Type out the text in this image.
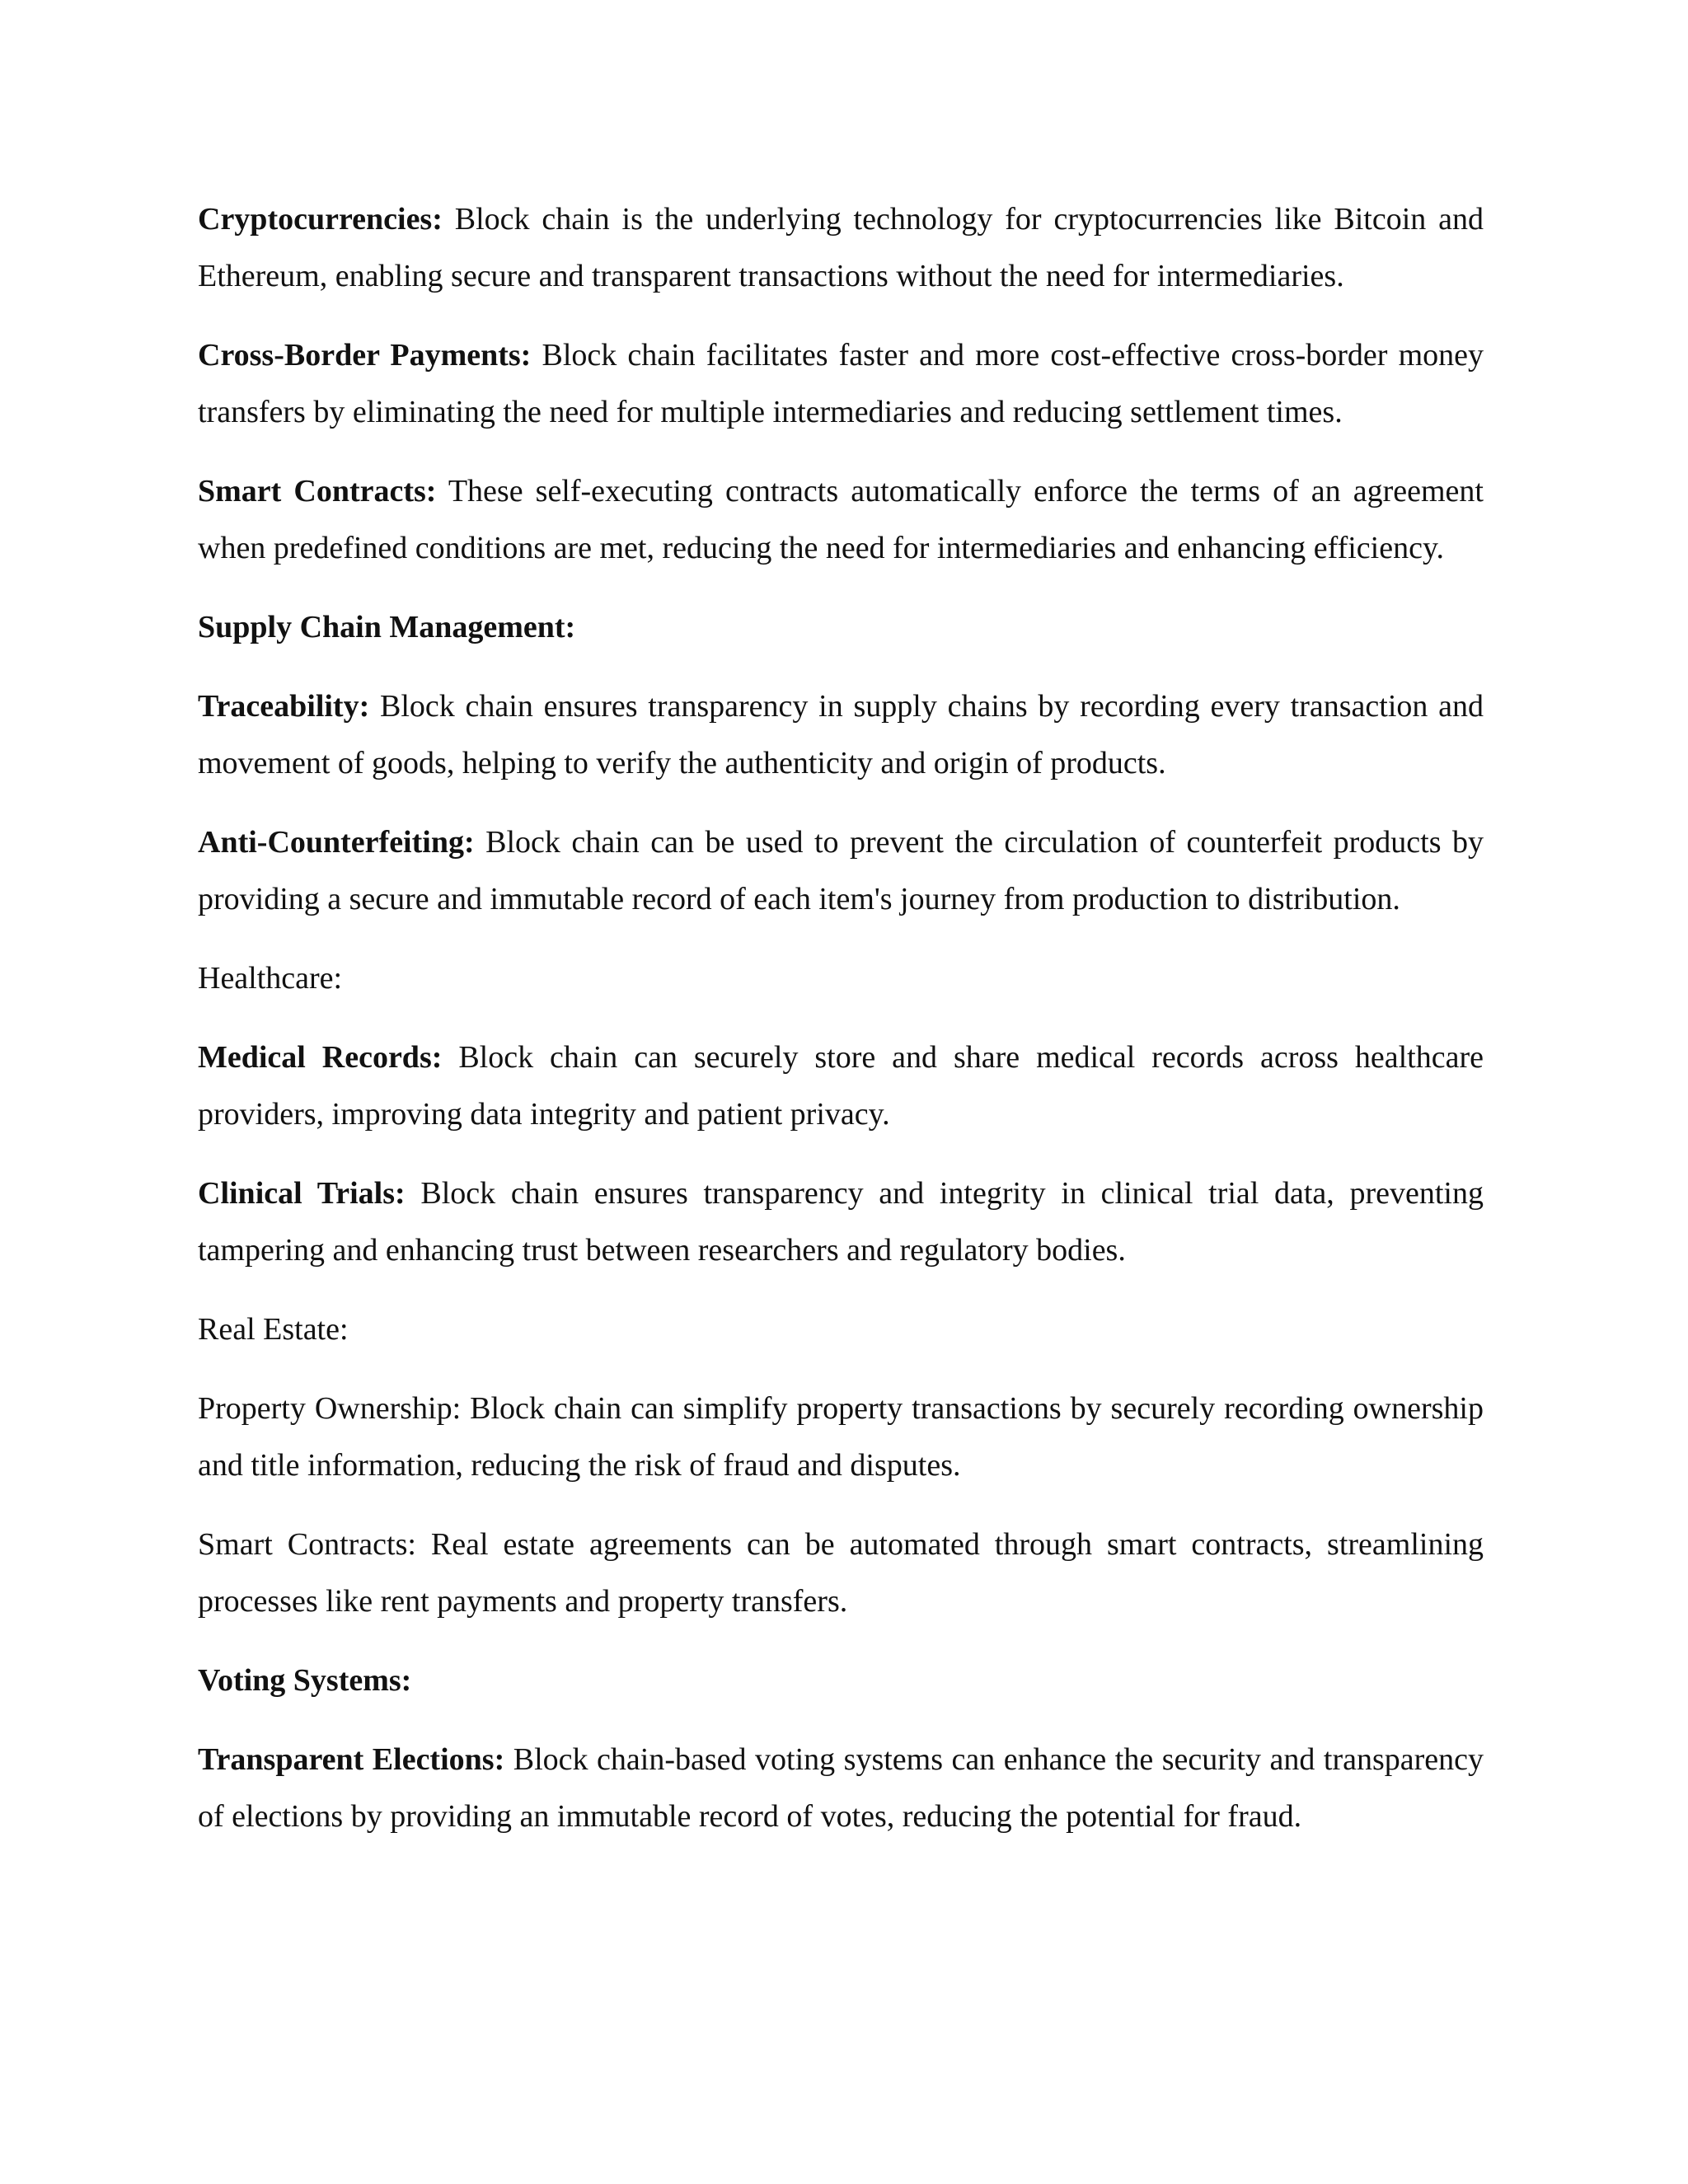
Cryptocurrencies: Block chain is the underlying technology for cryptocurrencies like Bitcoin and Ethereum, enabling secure and transparent transactions without the need for intermediaries.

Cross-Border Payments: Block chain facilitates faster and more cost-effective cross-border money transfers by eliminating the need for multiple intermediaries and reducing settlement times.

Smart Contracts: These self-executing contracts automatically enforce the terms of an agreement when predefined conditions are met, reducing the need for intermediaries and enhancing efficiency.

Supply Chain Management:

Traceability: Block chain ensures transparency in supply chains by recording every transaction and movement of goods, helping to verify the authenticity and origin of products.

Anti-Counterfeiting: Block chain can be used to prevent the circulation of counterfeit products by providing a secure and immutable record of each item's journey from production to distribution.

Healthcare:

Medical Records: Block chain can securely store and share medical records across healthcare providers, improving data integrity and patient privacy.

Clinical Trials: Block chain ensures transparency and integrity in clinical trial data, preventing tampering and enhancing trust between researchers and regulatory bodies.

Real Estate:

Property Ownership: Block chain can simplify property transactions by securely recording ownership and title information, reducing the risk of fraud and disputes.

Smart Contracts: Real estate agreements can be automated through smart contracts, streamlining processes like rent payments and property transfers.

Voting Systems:

Transparent Elections: Block chain-based voting systems can enhance the security and transparency of elections by providing an immutable record of votes, reducing the potential for fraud.
